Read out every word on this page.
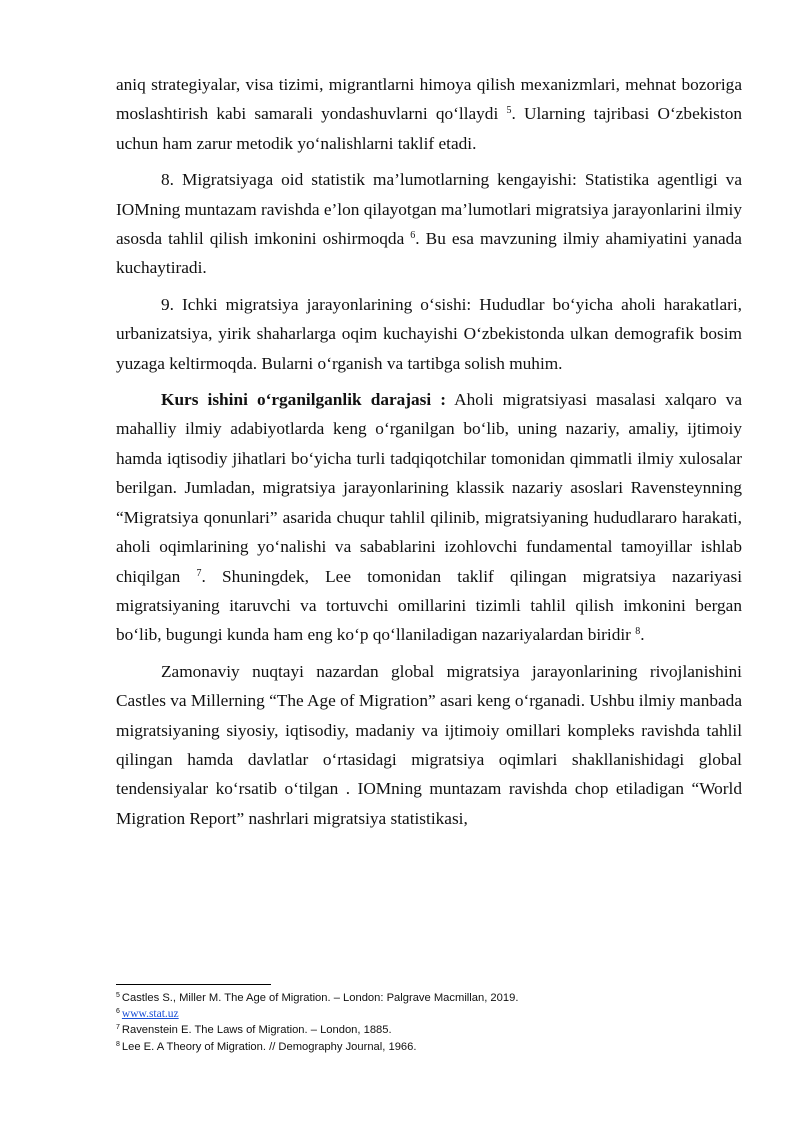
aniq strategiyalar, visa tizimi, migrantlarni himoya qilish mexanizmlari, mehnat bozoriga moslashtirish kabi samarali yondashuvlarni qo‘llaydi $^5$. Ularning tajribasi O‘zbekiston uchun ham zarur metodik yo‘nalishlarni taklif etadi.

8. Migratsiyaga oid statistik ma’lumotlarning kengayishi: Statistika agentligi va IOMning muntazam ravishda e’lon qilayotgan ma’lumotlari migratsiya jarayonlarini ilmiy asosda tahlil qilish imkonini oshirmoqda $^6$. Bu esa mavzuning ilmiy ahamiyatini yanada kuchaytiradi.

9. Ichki migratsiya jarayonlarining o‘sishi: Hududlar bo‘yicha aholi harakatlari, urbanizatsiya, yirik shaharlarga oqim kuchayishi O‘zbekistonda ulkan demografik bosim yuzaga keltirmoqda. Bularni o‘rganish va tartibga solish muhim.

Kurs ishini o‘rganilganlik darajasi : Aholi migratsiyasi masalasi xalqaro va mahalliy ilmiy adabiyotlarda keng o‘rganilgan bo‘lib, uning nazariy, amaliy, ijtimoiy hamda iqtisodiy jihatlari bo‘yicha turli tadqiqotchilar tomonidan qimmatli ilmiy xulosalar berilgan. Jumladan, migratsiya jarayonlarining klassik nazariy asoslari Ravensteynning “Migratsiya qonunlari” asarida chuqur tahlil qilinib, migratsiyaning hududlararo harakati, aholi oqimlarining yo‘nalishi va sabablarini izohlovchi fundamental tamoyillar ishlab chiqilgan $^7$. Shuningdek, Lee tomonidan taklif qilingan migratsiya nazariyasi migratsiyaning itaruvchi va tortuvchi omillarini tizimli tahlil qilish imkonini bergan bo‘lib, bugungi kunda ham eng ko‘p qo‘llaniladigan nazariyalardan biridir $^8$.

Zamonaviy nuqtayi nazardan global migratsiya jarayonlarining rivojlanishini Castles va Millerning “The Age of Migration” asari keng o‘rganadi. Ushbu ilmiy manbada migratsiyaning siyosiy, iqtisodiy, madaniy va ijtimoiy omillari kompleks ravishda tahlil qilingan hamda davlatlar o‘rtasidagi migratsiya oqimlari shakllanishidagi global tendensiyalar ko‘rsatib o‘tilgan . IOMning muntazam ravishda chop etiladigan “World Migration Report” nashrlari migratsiya statistikasi,

$^5$ Castles S., Miller M. The Age of Migration. – London: Palgrave Macmillan, 2019.
$^6$ www.stat.uz
$^7$ Ravenstein E. The Laws of Migration. – London, 1885.
$^8$ Lee E. A Theory of Migration. // Demography Journal, 1966.
